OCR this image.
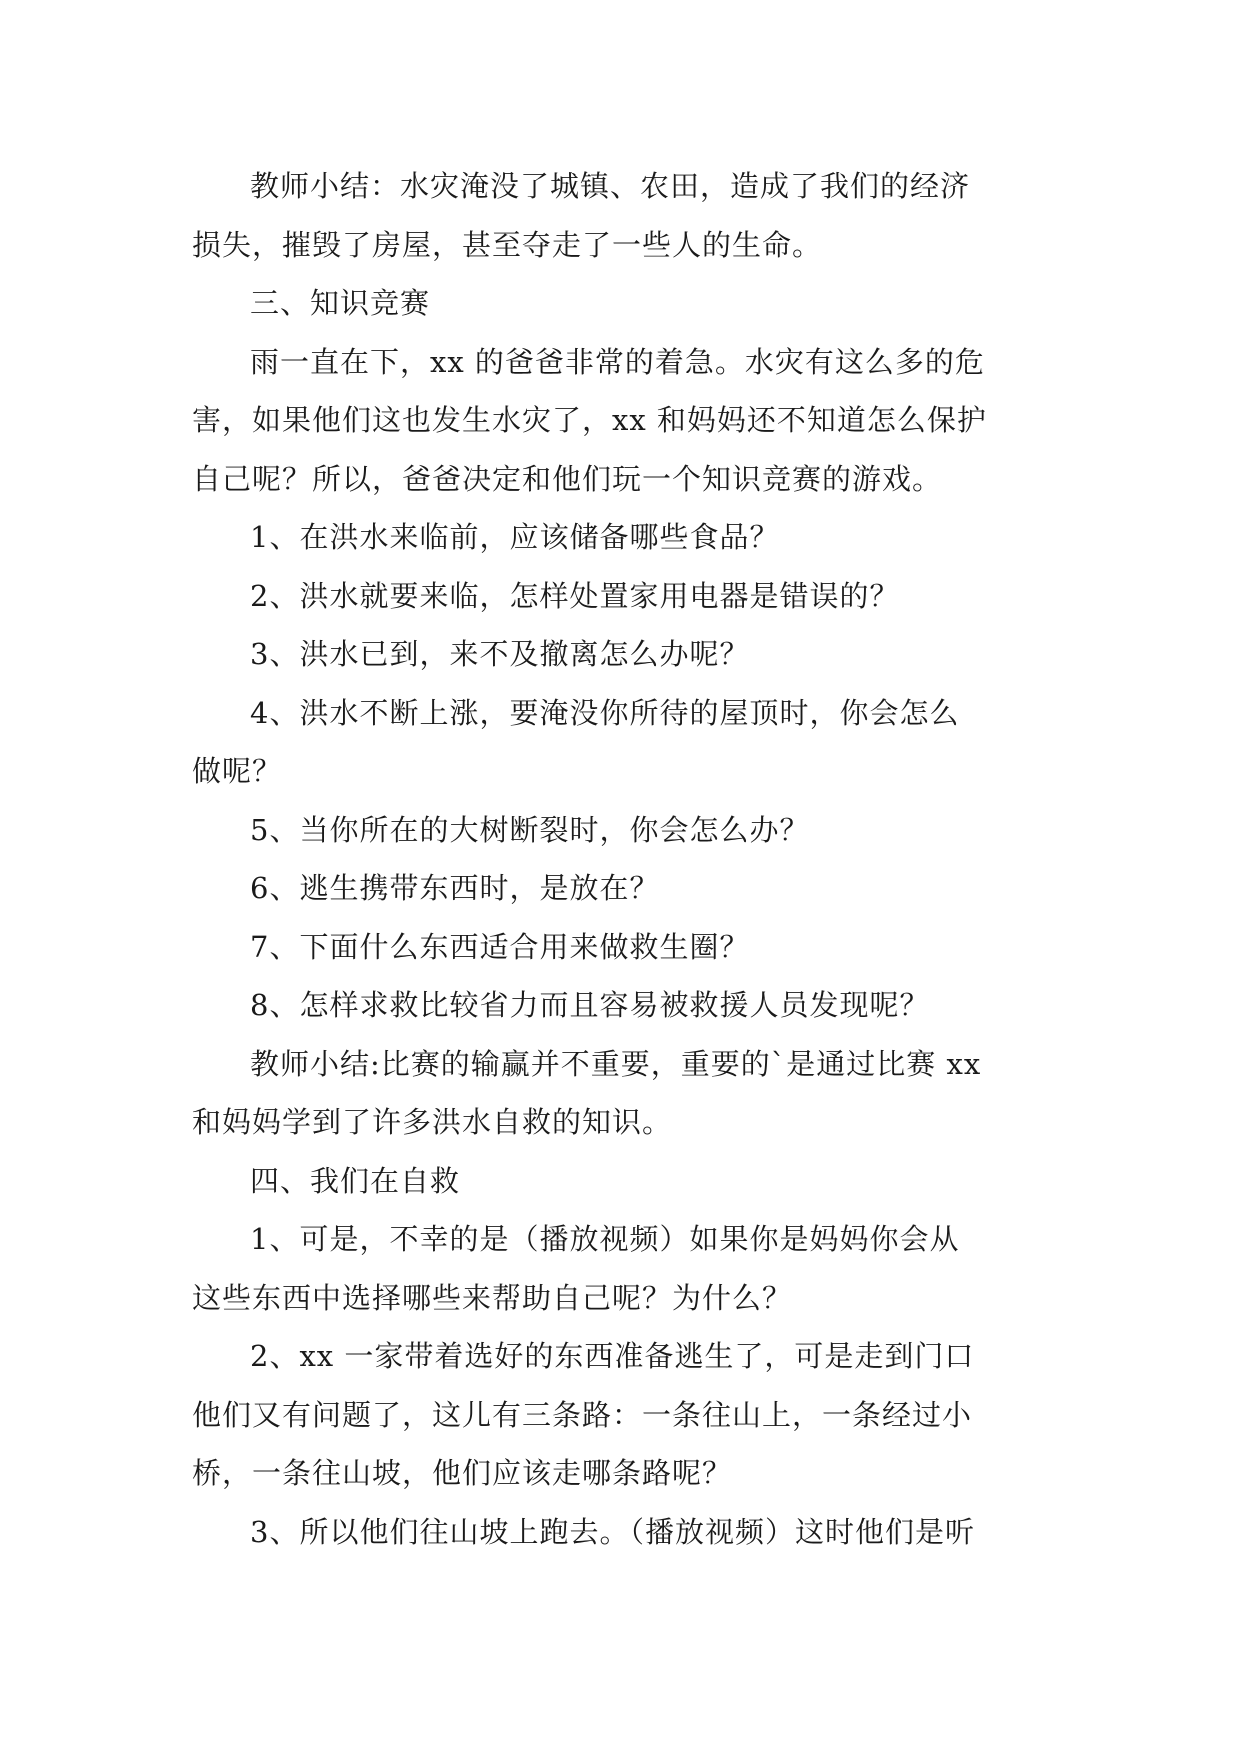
教师小结：水灾淹没了城镇、农田，造成了我们的经济

损失，摧毁了房屋，甚至夺走了一些人的生命。

三、知识竞赛

雨一直在下，xx 的爸爸非常的着急。水灾有这么多的危

害，如果他们这也发生水灾了，xx 和妈妈还不知道怎么保护

自己呢？所以，爸爸决定和他们玩一个知识竞赛的游戏。

1、在洪水来临前，应该储备哪些食品？

2、洪水就要来临，怎样处置家用电器是错误的？

3、洪水已到，来不及撤离怎么办呢？

4、洪水不断上涨，要淹没你所待的屋顶时，你会怎么

做呢？

5、当你所在的大树断裂时，你会怎么办？

6、逃生携带东西时，是放在？

7、下面什么东西适合用来做救生圈？

8、怎样求救比较省力而且容易被救援人员发现呢？

教师小结:比赛的输赢并不重要，重要的`是通过比赛 xx

和妈妈学到了许多洪水自救的知识。

四、我们在自救

1、可是，不幸的是（播放视频）如果你是妈妈你会从

这些东西中选择哪些来帮助自己呢？为什么？

2、xx 一家带着选好的东西准备逃生了，可是走到门口

他们又有问题了，这儿有三条路：一条往山上，一条经过小

桥，一条往山坡，他们应该走哪条路呢？

3、所以他们往山坡上跑去。（播放视频）这时他们是听
